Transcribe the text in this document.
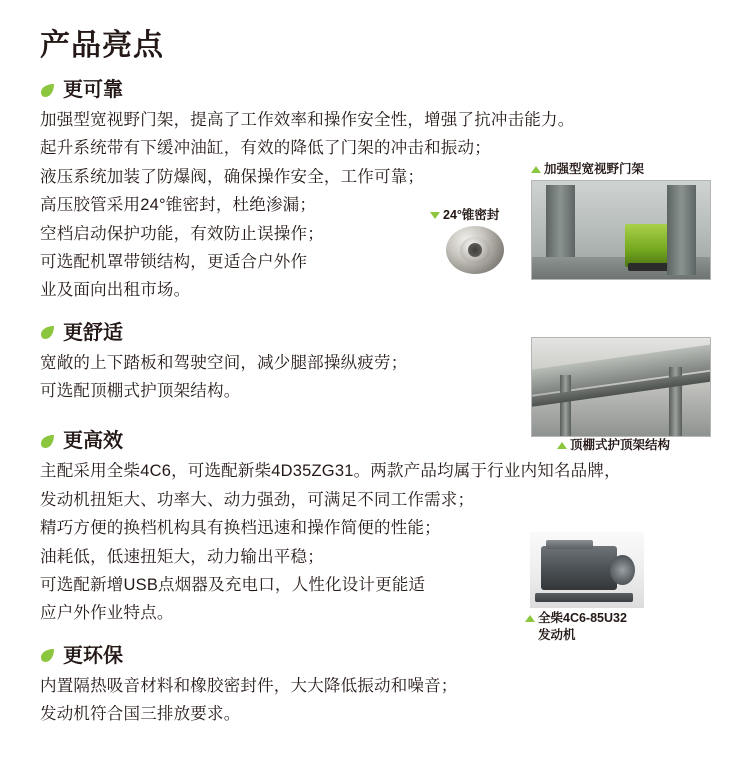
产品亮点
更可靠

加强型宽视野门架，提高了工作效率和操作安全性，增强了抗冲击能力。

起升系统带有下缓冲油缸，有效的降低了门架的冲击和振动；

液压系统加装了防爆阀，确保操作安全，工作可靠；

高压胶管采用24°锥密封，杜绝渗漏；

空档启动保护功能，有效防止误操作；

可选配机罩带锁结构，更适合户外作

业及面向出租市场。

更舒适

宽敞的上下踏板和驾驶空间，减少腿部操纵疲劳；

可选配顶棚式护顶架结构。

更高效

主配采用全柴4C6，可选配新柴4D35ZG31。两款产品均属于行业内知名品牌，

发动机扭矩大、功率大、动力强劲，可满足不同工作需求；

精巧方便的换档机构具有换档迅速和操作简便的性能；

油耗低，低速扭矩大，动力输出平稳；

可选配新增USB点烟器及充电口，人性化设计更能适

应户外作业特点。

更环保

内置隔热吸音材料和橡胶密封件，大大降低振动和噪音；

发动机符合国三排放要求。

加强型宽视野门架
24°锥密封
顶棚式护顶架结构
全柴4C6-85U32
发动机
